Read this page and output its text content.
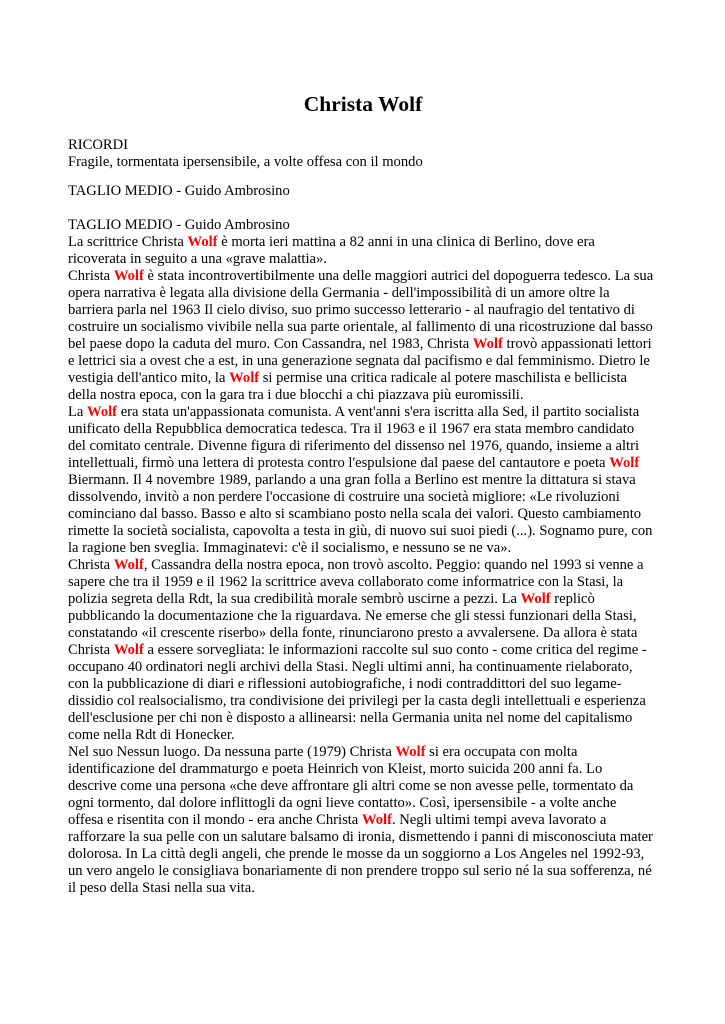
Christa Wolf
RICORDI
Fragile, tormentata ipersensibile, a volte offesa con il mondo
TAGLIO MEDIO - Guido Ambrosino
TAGLIO MEDIO - Guido Ambrosino
La scrittrice Christa Wolf è morta ieri mattina a 82 anni in una clinica di Berlino, dove era
ricoverata in seguito a una «grave malattia».
Christa Wolf è stata incontrovertibilmente una delle maggiori autrici del dopoguerra tedesco. La sua
opera narrativa è legata alla divisione della Germania - dell'impossibilità di un amore oltre la
barriera parla nel 1963 Il cielo diviso, suo primo successo letterario - al naufragio del tentativo di
costruire un socialismo vivibile nella sua parte orientale, al fallimento di una ricostruzione dal basso
bel paese dopo la caduta del muro. Con Cassandra, nel 1983, Christa Wolf trovò appassionati lettori
e lettrici sia a ovest che a est, in una generazione segnata dal pacifismo e dal femminismo. Dietro le
vestigia dell'antico mito, la Wolf si permise una critica radicale al potere maschilista e bellicista
della nostra epoca, con la gara tra i due blocchi a chi piazzava più euromissili.
La Wolf era stata un'appassionata comunista. A vent'anni s'era iscritta alla Sed, il partito socialista
unificato della Repubblica democratica tedesca. Tra il 1963 e il 1967 era stata membro candidato
del comitato centrale. Divenne figura di riferimento del dissenso nel 1976, quando, insieme a altri
intellettuali, firmò una lettera di protesta contro l'espulsione dal paese del cantautore e poeta Wolf
Biermann. Il 4 novembre 1989, parlando a una gran folla a Berlino est mentre la dittatura si stava
dissolvendo, invitò a non perdere l'occasione di costruire una società migliore: «Le rivoluzioni
cominciano dal basso. Basso e alto si scambiano posto nella scala dei valori. Questo cambiamento
rimette la società socialista, capovolta a testa in giù, di nuovo sui suoi piedi (...). Sognamo pure, con
la ragione ben sveglia. Immaginatevi: c'è il socialismo, e nessuno se ne va».
Christa Wolf, Cassandra della nostra epoca, non trovò ascolto. Peggio: quando nel 1993 si venne a
sapere che tra il 1959 e il 1962 la scrittrice aveva collaborato come informatrice con la Stasi, la
polizia segreta della Rdt, la sua credibilità morale sembrò uscirne a pezzi. La Wolf replicò
pubblicando la documentazione che la riguardava. Ne emerse che gli stessi funzionari della Stasi,
constatando «il crescente riserbo» della fonte, rinunciarono presto a avvalersene. Da allora è stata
Christa Wolf a essere sorvegliata: le informazioni raccolte sul suo conto - come critica del regime -
occupano 40 ordinatori negli archivi della Stasi. Negli ultimi anni, ha continuamente rielaborato,
con la pubblicazione di diari e riflessioni autobiografiche, i nodi contraddittori del suo legame-
dissidio col realsocialismo, tra condivisione dei privilegi per la casta degli intellettuali e esperienza
dell'esclusione per chi non è disposto a allinearsi: nella Germania unita nel nome del capitalismo
come nella Rdt di Honecker.
Nel suo Nessun luogo. Da nessuna parte (1979) Christa Wolf si era occupata con molta
identificazione del drammaturgo e poeta Heinrich von Kleist, morto suicida 200 anni fa. Lo
descrive come una persona «che deve affrontare gli altri come se non avesse pelle, tormentato da
ogni tormento, dal dolore inflittogli da ogni lieve contatto». Così, ipersensibile - a volte anche
offesa e risentita con il mondo - era anche Christa Wolf. Negli ultimi tempi aveva lavorato a
rafforzare la sua pelle con un salutare balsamo di ironia, dismettendo i panni di misconosciuta mater
dolorosa. In La città degli angeli, che prende le mosse da un soggiorno a Los Angeles nel 1992-93,
un vero angelo le consigliava bonariamente di non prendere troppo sul serio né la sua sofferenza, né
il peso della Stasi nella sua vita.
